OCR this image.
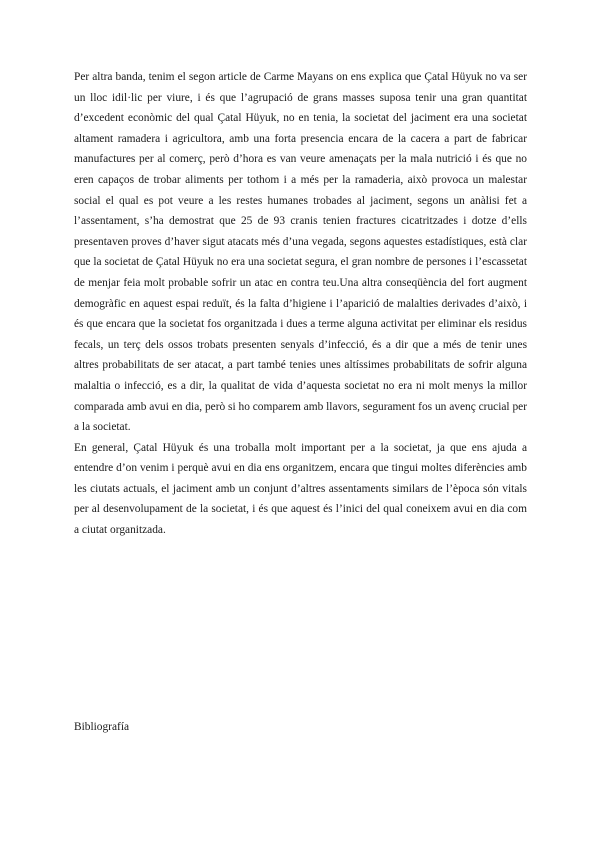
Per altra banda, tenim el segon article de Carme Mayans on ens explica que Çatal Hüyuk no va ser un lloc idil·lic per viure, i és que l’agrupació de grans masses suposa tenir una gran quantitat d’excedent econòmic del qual Çatal Hüyuk, no en tenia, la societat del jaciment era una societat altament ramadera i agricultora, amb una forta presencia encara de la cacera a part de fabricar manufactures per al comerç, però d’hora es van veure amenaçats per la mala nutrició i és que no eren capaços de trobar aliments per tothom i a més per la ramaderia, això provoca un malestar social el qual es pot veure a les restes humanes trobades al jaciment, segons un anàlisi fet a l’assentament, s’ha demostrat que 25 de 93 cranis tenien fractures cicatritzades i dotze d’ells presentaven proves d’haver sigut atacats més d’una vegada, segons aquestes estadístiques, està clar que la societat de Çatal Hüyuk no era una societat segura, el gran nombre de persones i l’escassetat de menjar feia molt probable sofrir un atac en contra teu.Una altra conseqüència del fort augment demogràfic en aquest espai reduït, és la falta d’higiene i l’aparició de malalties derivades d’això, i és que encara que la societat fos organitzada i dues a terme alguna activitat per eliminar els residus fecals, un terç dels ossos trobats presenten senyals d’infecció, és a dir que a més de tenir unes altres probabilitats de ser atacat, a part també tenies unes altíssimes probabilitats de sofrir alguna malaltia o infecció, es a dir, la qualitat de vida d’aquesta societat no era ni molt menys la millor comparada amb avui en dia, però si ho comparem amb llavors, segurament fos un avenç crucial per a la societat.

En general, Çatal Hüyuk és una troballa molt important per a la societat, ja que ens ajuda a entendre d’on venim i perquè avui en dia ens organitzem, encara que tingui moltes diferències amb les ciutats actuals, el jaciment amb un conjunt d’altres assentaments similars de l’època són vitals per al desenvolupament de la societat, i és que aquest és l’inici del qual coneixem avui en dia com a ciutat organitzada.

Bibliografía
